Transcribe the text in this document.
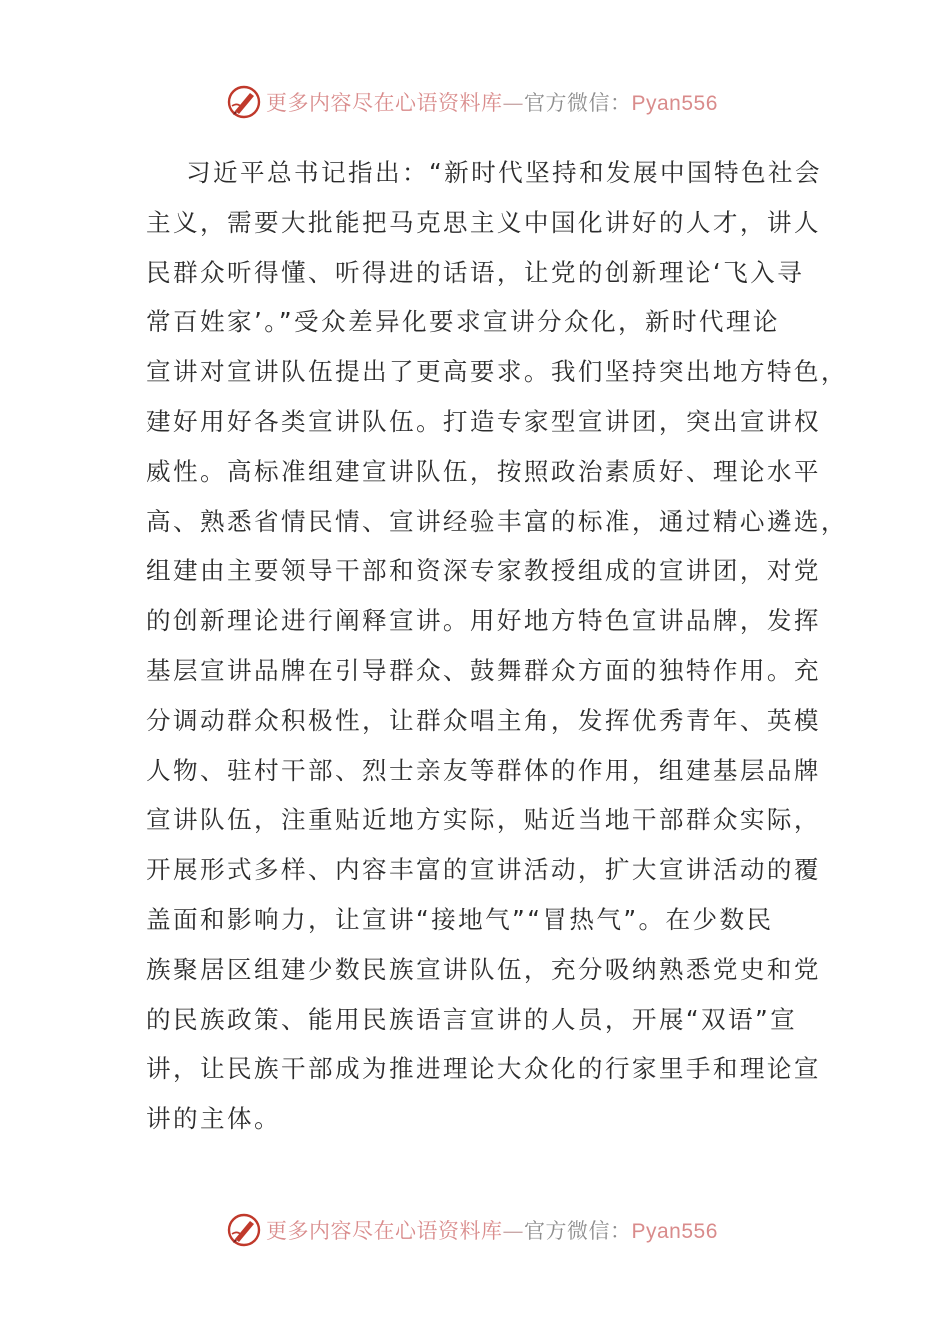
更多内容尽在心语资料库—官方微信：Pyan556
习近平总书记指出：“新时代坚持和发展中国特色社会
主义，需要大批能把马克思主义中国化讲好的人才，讲人
民群众听得懂、听得进的话语，让党的创新理论‘飞入寻
常百姓家’。”受众差异化要求宣讲分众化，新时代理论
宣讲对宣讲队伍提出了更高要求。我们坚持突出地方特色，
建好用好各类宣讲队伍。打造专家型宣讲团，突出宣讲权
威性。高标准组建宣讲队伍，按照政治素质好、理论水平
高、熟悉省情民情、宣讲经验丰富的标准，通过精心遴选，
组建由主要领导干部和资深专家教授组成的宣讲团，对党
的创新理论进行阐释宣讲。用好地方特色宣讲品牌，发挥
基层宣讲品牌在引导群众、鼓舞群众方面的独特作用。充
分调动群众积极性，让群众唱主角，发挥优秀青年、英模
人物、驻村干部、烈士亲友等群体的作用，组建基层品牌
宣讲队伍，注重贴近地方实际，贴近当地干部群众实际，
开展形式多样、内容丰富的宣讲活动，扩大宣讲活动的覆
盖面和影响力，让宣讲“接地气”“冒热气”。在少数民
族聚居区组建少数民族宣讲队伍，充分吸纳熟悉党史和党
的民族政策、能用民族语言宣讲的人员，开展“双语”宣
讲，让民族干部成为推进理论大众化的行家里手和理论宣
讲的主体。
更多内容尽在心语资料库—官方微信：Pyan556
